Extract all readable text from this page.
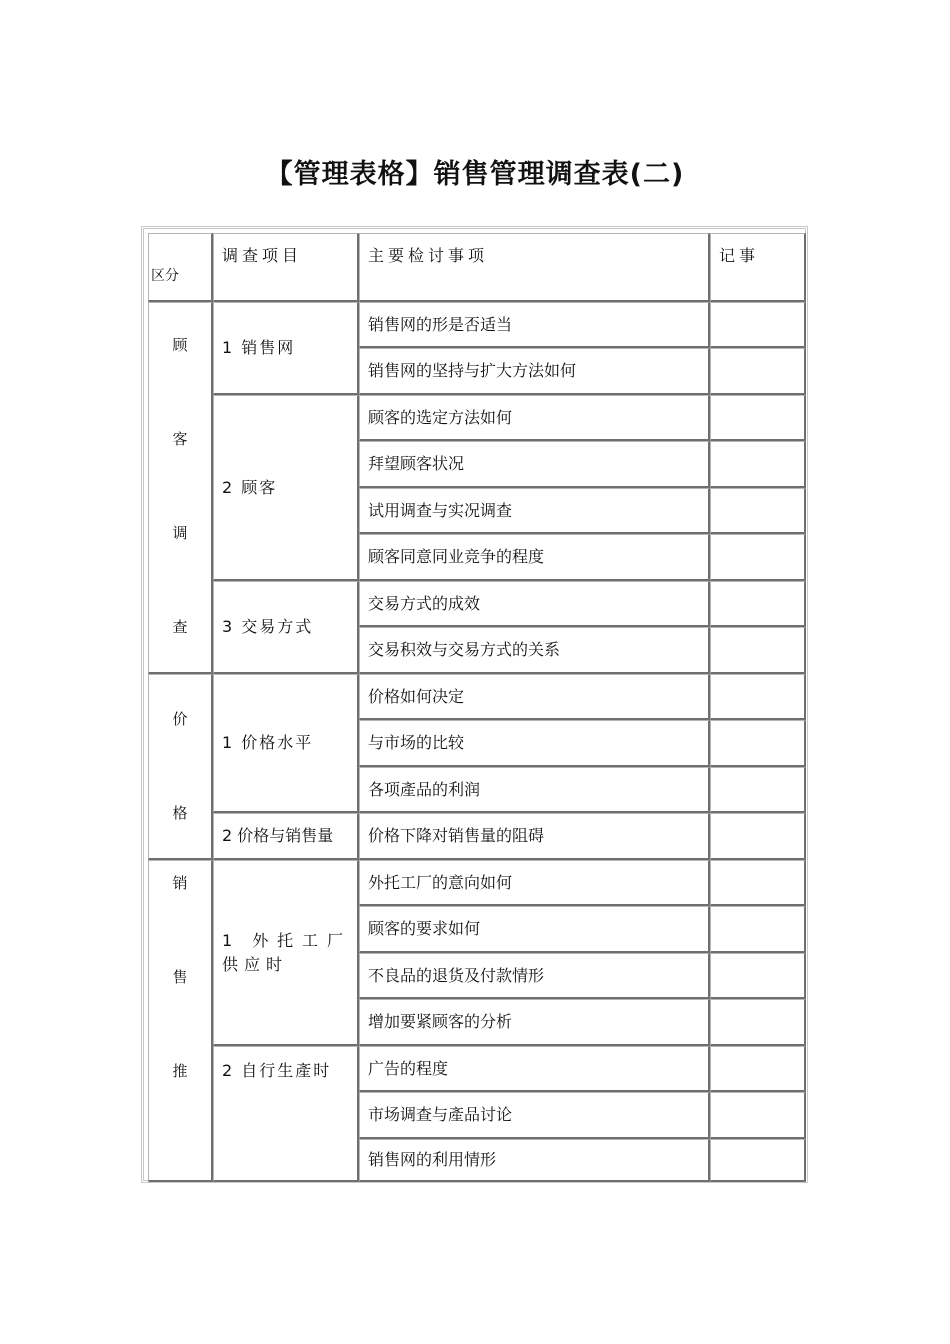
【管理表格】销售管理调查表(二)
区分
调查项目	主要检讨事项	记事
顾
客
调
查
1 销售网
2 顾客
3 交易方式
销售网的形是否适当
销售网的坚持与扩大方法如何
顾客的选定方法如何
拜望顾客状况
试用调查与实况调查
顾客同意同业竞争的程度
交易方式的成效
交易积效与交易方式的关系
价
格
1 价格水平
2 价格与销售量
价格如何决定
与市场的比较
各项產品的利润
价格下降对销售量的阻碍
销
售
推
1 外托工厂供应时
2 自行生產时
外托工厂的意向如何
顾客的要求如何
不良品的退货及付款情形
增加要紧顾客的分析
广告的程度
市场调查与產品讨论
销售网的利用情形
